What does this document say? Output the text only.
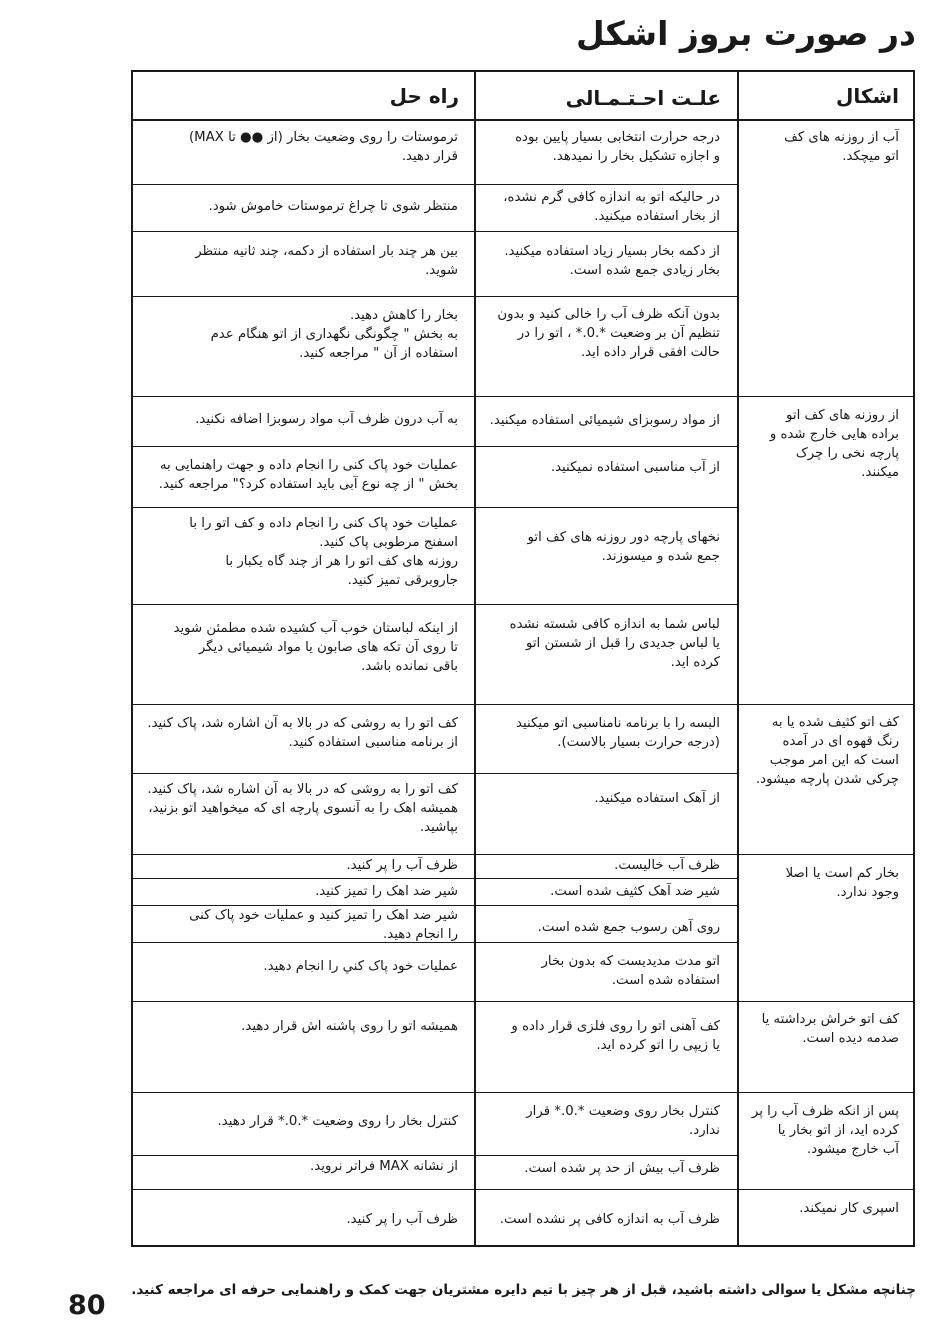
در صورت بروز اشکل
اشکال
علـت احـتـمـالی
راه حل
آب از روزنه های کف
اتو میچکد.
از روزنه های کف اتو
براده هایی خارج شده و
پارچه نخی را چرک
میکنند.
کف اتو کثیف شده یا به
رنگ قهوه ای در آمده
است که این امر موجب
چرکی شدن پارچه میشود.
بخار کم است یا اصلا
وجود ندارد.
کف اتو خراش برداشته یا
صدمه دیده است.
پس از انکه ظرف آب را پر
کرده اید، از اتو بخار یا
آب خارج میشود.
اسپری کار نمیکند.
درجه حرارت انتخابی بسیار پایین بوده
و اجازه تشکیل بخار را نمیدهد.
در حالیکه اتو به اندازه کافی گرم نشده،
از بخار استفاده میکنید.
از دکمه بخار بسیار زیاد استفاده میکنید.
بخار زیادی جمع شده است.
بدون آنکه ظرف آب را خالی کنید و بدون
تنظیم آن بر وضعیت *.0.* ، اتو را در
حالت افقی قرار داده اید.
از مواد رسوبزای شیمیائی استفاده میکنید.
از آب مناسبی استفاده نمیکنید.
نخهای پارچه دور روزنه های کف اتو
جمع شده و میسوزند.
لباس شما به اندازه کافی شسته نشده
یا لباس جدیدی را قبل از شستن اتو
کرده اید.
البسه را با برنامه نامناسبی اتو میکنید
(درجه حرارت بسیار بالاست).
از آهک استفاده میکنید.
ظرف آب خالیست.
شیر ضد آهک کثیف شده است.
روی آهن رسوب جمع شده است.
اتو مدت مدیدیست که بدون بخار
استفاده شده است.
کف آهنی اتو را روی فلزی قرار داده و
یا زیپی را اتو کرده اید.
کنترل بخار روی وضعیت *.0.* قرار
ندارد.
ظرف آب بیش از حد پر شده است.
ظرف آب به اندازه کافی پر نشده است.
ترموستات را روی وضعیت بخار (از ●● تا MAX)
قرار دهید.
منتظر شوی تا چراغ ترموستات خاموش شود.
بین هر چند بار استفاده از دکمه، چند ثانیه منتظر
شوید.
بخار را کاهش دهید.
به بخش " چگونگی نگهداری از اتو هنگام عدم
استفاده از آن " مراجعه کنید.
به آب درون ظرف آب مواد رسوبزا اضافه نکنید.
عملیات خود پاک کنی را انجام داده و جهت راهنمایی به
بخش " از چه نوع آبی باید استفاده کرد؟" مراجعه کنید.
عملیات خود پاک کنی را انجام داده و کف اتو را با
اسفنج مرطوبی پاک کنید.
روزنه های کف اتو را هر از چند گاه یکبار با
جاروبرقی تمیز کنید.
از اینکه لباستان خوب آب کشیده شده مطمئن شوید
تا روی آن تکه های صابون یا مواد شیمیائی دیگر
باقی نمانده باشد.
کف اتو را به روشی که در بالا به آن اشاره شد، پاک کنید.
از برنامه مناسبی استفاده کنید.
کف اتو را به روشی که در بالا به آن اشاره شد، پاک کنید.
همیشه اهک را به آنسوی پارچه ای که میخواهید اتو بزنید،
بپاشید.
ظرف آب را پر کنید.
شیر ضد اهک را تمیز کنید.
شیر ضد اهک را تمیز کنید و عملیات خود پاک کنی
را انجام دهید.
عملیات خود پاک کني را انجام دهید.
همیشه اتو را روی پاشنه اش قرار دهید.
کنترل بخار را روی وضعیت *.0.* قرار دهید.
از نشانه MAX فراتر نروید.
ظرف آب را پر کنید.
چنانچه مشکل یا سوالی داشته باشید، قبل از هر چیز با تیم دایره مشتریان جهت کمک و راهنمایی حرفه ای مراجعه کنید.
80
